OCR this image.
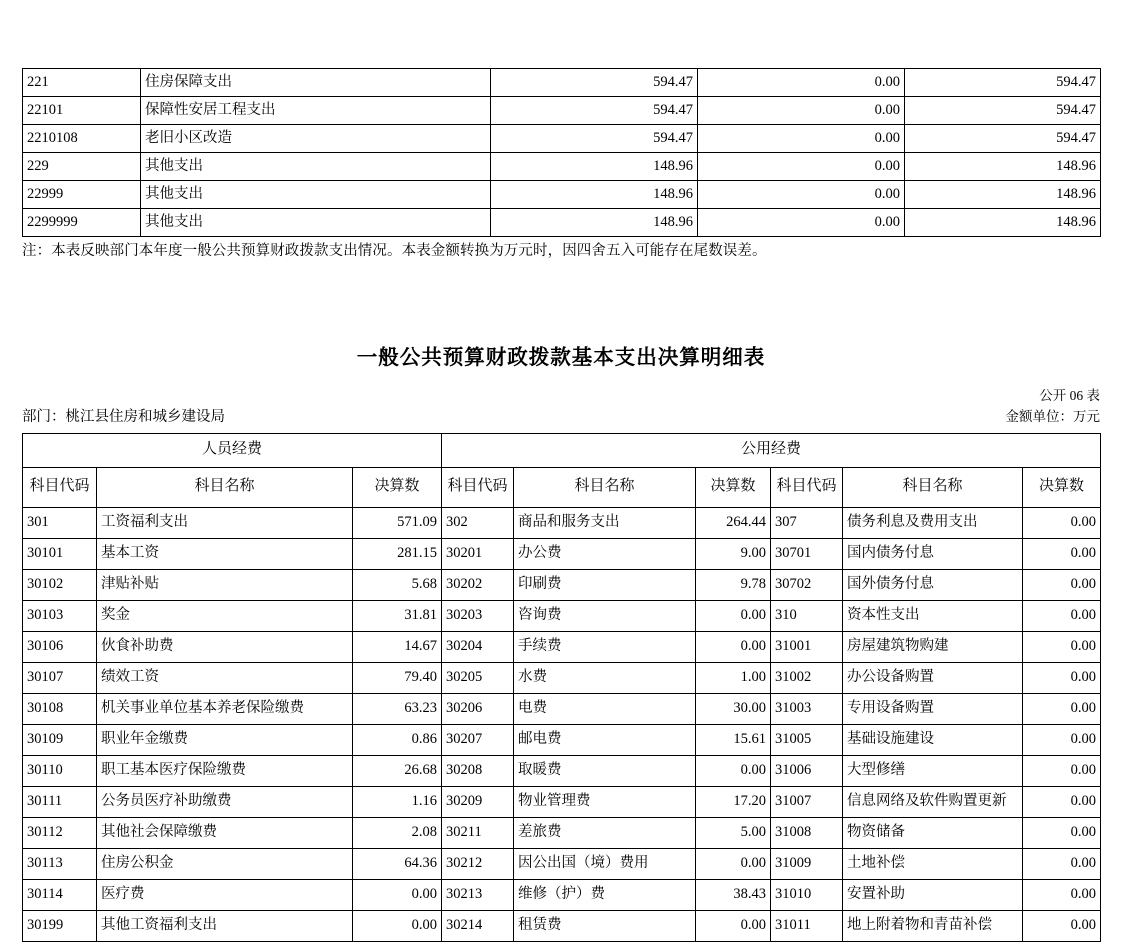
221	住房保障支出	594.47	0.00	594.47
22101	保障性安居工程支出	594.47	0.00	594.47
2210108	老旧小区改造	594.47	0.00	594.47
229	其他支出	148.96	0.00	148.96
22999	其他支出	148.96	0.00	148.96
2299999	其他支出	148.96	0.00	148.96
注：本表反映部门本年度一般公共预算财政拨款支出情况。本表金额转换为万元时，因四舍五入可能存在尾数误差。
一般公共预算财政拨款基本支出决算明细表
公开 06 表
部门：桃江县住房和城乡建设局	金额单位：万元
人员经费			公用经费					
科目代码	科目名称	决算数	科目代码	科目名称	决算数	科目代码	科目名称	决算数
301	工资福利支出	571.09	302	商品和服务支出	264.44	307	债务利息及费用支出	0.00
30101	基本工资	281.15	30201	办公费	9.00	30701	国内债务付息	0.00
30102	津贴补贴	5.68	30202	印刷费	9.78	30702	国外债务付息	0.00
30103	奖金	31.81	30203	咨询费	0.00	310	资本性支出	0.00
30106	伙食补助费	14.67	30204	手续费	0.00	31001	房屋建筑物购建	0.00
30107	绩效工资	79.40	30205	水费	1.00	31002	办公设备购置	0.00
30108	机关事业单位基本养老保险缴费	63.23	30206	电费	30.00	31003	专用设备购置	0.00
30109	职业年金缴费	0.86	30207	邮电费	15.61	31005	基础设施建设	0.00
30110	职工基本医疗保险缴费	26.68	30208	取暖费	0.00	31006	大型修缮	0.00
30111	公务员医疗补助缴费	1.16	30209	物业管理费	17.20	31007	信息网络及软件购置更新	0.00
30112	其他社会保障缴费	2.08	30211	差旅费	5.00	31008	物资储备	0.00
30113	住房公积金	64.36	30212	因公出国（境）费用	0.00	31009	土地补偿	0.00
30114	医疗费	0.00	30213	维修（护）费	38.43	31010	安置补助	0.00
30199	其他工资福利支出	0.00	30214	租赁费	0.00	31011	地上附着物和青苗补偿	0.00
